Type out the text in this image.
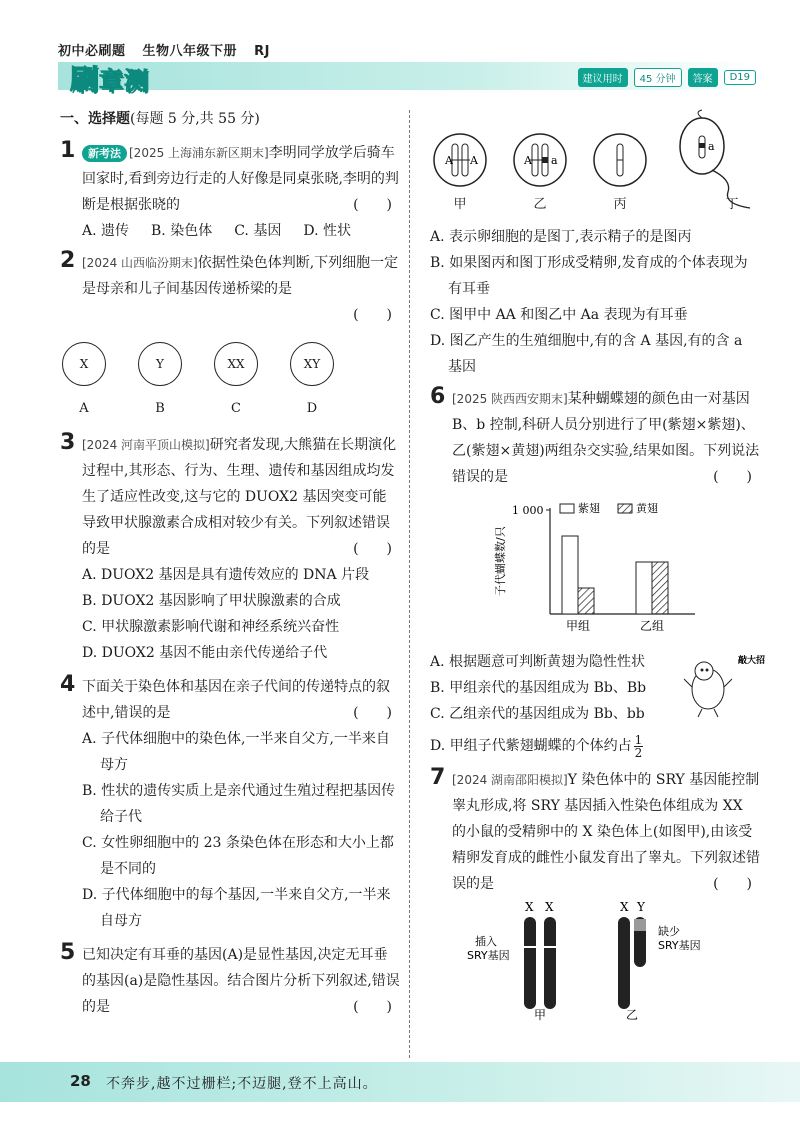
初中必刷题 生物八年级下册 RJ
刷章测	建议用时	45 分钟	答案	D19
一、选择题(每题 5 分,共 55 分)
1 新考法 [2025 上海浦东新区期末]李明同学放学后骑车回家时,看到旁边行走的人好像是同桌张晓,李明的判断是根据张晓的	(　　)
A. 遗传 B. 染色体 C. 基因 D. 性状
2 [2024 山西临汾期末]依据性染色体判断,下列细胞一定是母亲和儿子间基因传递桥梁的是
(　　)
X
A
Y
B
XX
C
XY
D
3 [2024 河南平顶山模拟]研究者发现,大熊猫在长期演化过程中,其形态、行为、生理、遗传和基因组成均发生了适应性改变,这与它的 DUOX2 基因突变可能导致甲状腺激素合成相对较少有关。下列叙述错误的是	(　　)
A. DUOX2 基因是具有遗传效应的 DNA 片段
B. DUOX2 基因影响了甲状腺激素的合成
C. 甲状腺激素影响代谢和神经系统兴奋性
D. DUOX2 基因不能由亲代传递给子代
4 下面关于染色体和基因在亲子代间的传递特点的叙述中,错误的是	(　　)
A. 子代体细胞中的染色体,一半来自父方,一半来自母方
B. 性状的遗传实质上是亲代通过生殖过程把基因传给子代
C. 女性卵细胞中的 23 条染色体在形态和大小上都是不同的
D. 子代体细胞中的每个基因,一半来自父方,一半来自母方
5 已知决定有耳垂的基因(A)是显性基因,决定无耳垂的基因(a)是隐性基因。结合图片分析下列叙述,错误的是	(　　)
A A
甲
A a
乙	丙
a
丁
A. 表示卵细胞的是图丁,表示精子的是图丙
B. 如果图丙和图丁形成受精卵,发育成的个体表现为有耳垂
C. 图甲中 AA 和图乙中 Aa 表现为有耳垂
D. 图乙产生的生殖细胞中,有的含 A 基因,有的含 a 基因
6 [2025 陕西西安期末]某种蝴蝶翅的颜色由一对基因 B、b 控制,科研人员分别进行了甲(紫翅×紫翅)、乙(紫翅×黄翅)两组杂交实验,结果如图。下列说法错误的是	(　　)
子代蝴蝶数/只
1 000	紫翅	黄翅
甲组	乙组
A. 根据题意可判断黄翅为隐性性状
B. 甲组亲代的基因组成为 Bb、Bb
C. 乙组亲代的基因组成为 Bb、bb
D. 甲组子代紫翅蝴蝶的个体约占 $\frac{1}{2}$
敲大招
7 [2024 湖南邵阳模拟]Y 染色体中的 SRY 基因能控制睾丸形成,将 SRY 基因插入性染色体组成为 XX 的小鼠的受精卵中的 X 染色体上(如图甲),由该受精卵发育成的雌性小鼠发育出了睾丸。下列叙述错误的是	(　　)
插入
SRY基因
X X	X Y
缺少
SRY基因
甲	乙
28 不奔步,越不过栅栏;不迈腿,登不上高山。
